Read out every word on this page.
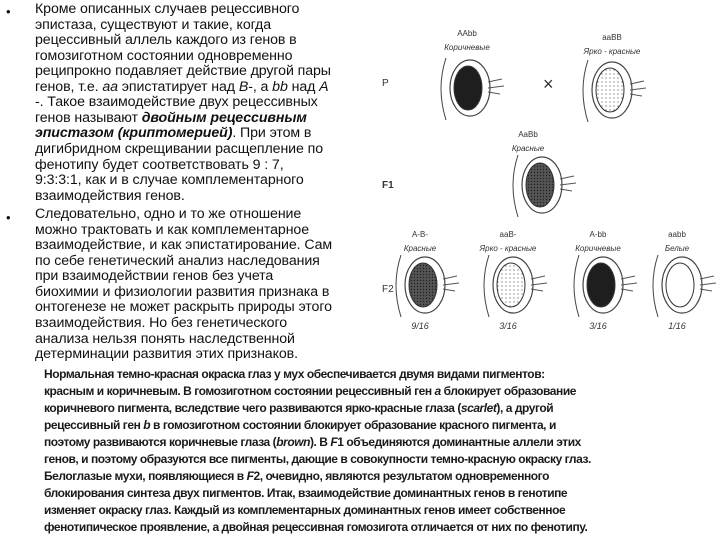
•
•
Кроме описанных случаев рецессивного
эпистаза, существуют и такие, когда
рецессивный аллель каждого из генов в
гомозиготном состоянии одновременно
реципрокно подавляет действие другой пары
генов, т.е. аа эпистатирует над В-, а bb над А
-. Такое взаимодействие двух рецессивных
генов называют двойным рецессивным
эпистазом (криптомерией). При этом в
дигибридном скрещивании расщепление по
фенотипу будет соответствовать 9 : 7,
9:3:3:1, как и в случае комплементарного
взаимодействия генов.
Следовательно, одно и то же отношение
можно трактовать и как комплементарное
взаимодействие, и как эпистатирование. Сам
по себе генетический анализ наследования
при взаимодействии генов без учета
биохимии и физиологии развития признака в
онтогенезе не может раскрыть природы этого
взаимодействия. Но без генетического
анализа нельзя понять наследственной
детерминации развития этих признаков.
P
F1
F2
×
AAbb
Коричневые
aaBB
Ярко - красные
AaBb
Красные
A-B-
Красные
9/16
aaB-
Ярко - красные
3/16
A-bb
Коричневые
3/16
aabb
Белые
1/16
Нормальная темно-красная окраска глаз у мух обеспечивается двумя видами пигментов:
красным и коричневым. В гомозиготном состоянии рецессивный ген a блокирует образование
коричневого пигмента, вследствие чего развиваются ярко-красные глаза (scarlet), а другой
рецессивный ген b в гомозиготном состоянии блокирует образование красного пигмента, и
поэтому развиваются коричневые глаза (brown). В F1 объединяются доминантные аллели этих
генов, и поэтому образуются все пигменты, дающие в совокупности темно-красную окраску глаз.
Белоглазые мухи, появляющиеся в F2, очевидно, являются результатом одновременного
блокирования синтеза двух пигментов. Итак, взаимодействие доминантных генов в генотипе
изменяет окраску глаз. Каждый из комплементарных доминантных генов имеет собственное
фенотипическое проявление, а двойная рецессивная гомозигота отличается от них по фенотипу.
